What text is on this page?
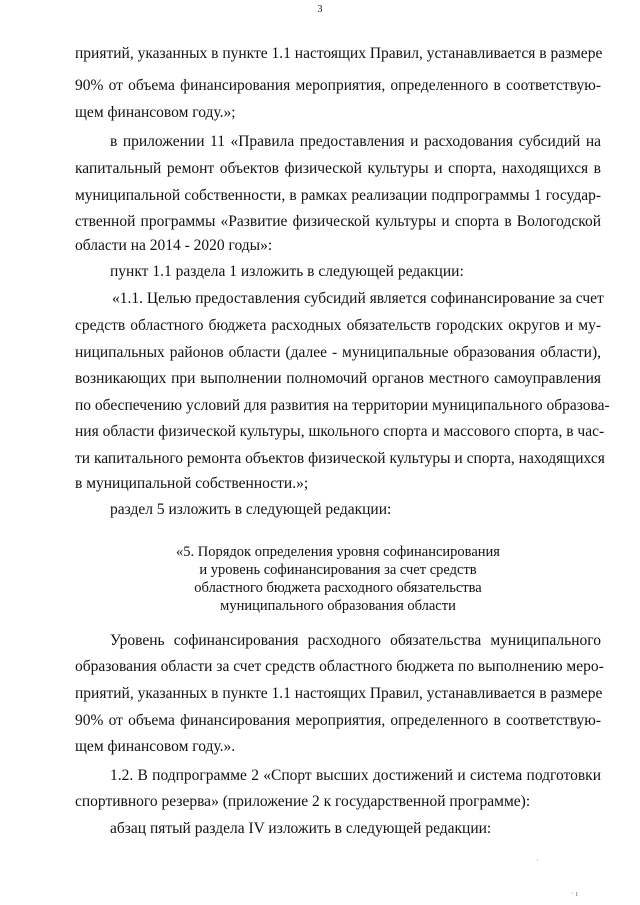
3
приятий, указанных в пункте 1.1 настоящих Правил, устанавливается в размере
90% от объема финансирования мероприятия, определенного в соответствую-
щем финансовом году.»;
в приложении 11 «Правила предоставления и расходования субсидий на
капитальный ремонт объектов физической культуры и спорта, находящихся в
муниципальной собственности, в рамках реализации подпрограммы 1 государ-
ственной программы «Развитие физической культуры и спорта в Вологодской
области на 2014 - 2020 годы»:
пункт 1.1 раздела 1 изложить в следующей редакции:
«1.1. Целью предоставления субсидий является софинансирование за счет
средств областного бюджета расходных обязательств городских округов и му-
ниципальных районов области (далее - муниципальные образования области),
возникающих при выполнении полномочий органов местного самоуправления
по обеспечению условий для развития на территории муниципального образова-
ния области физической культуры, школьного спорта и массового спорта, в час-
ти капитального ремонта объектов физической культуры и спорта, находящихся
в муниципальной собственности.»;
раздел 5 изложить в следующей редакции:
«5. Порядок определения уровня софинансирования
и уровень софинансирования за счет средств
областного бюджета расходного обязательства
муниципального образования области
Уровень софинансирования расходного обязательства муниципального
образования области за счет средств областного бюджета по выполнению меро-
приятий, указанных в пункте 1.1 настоящих Правил, устанавливается в размере
90% от объема финансирования мероприятия, определенного в соответствую-
щем финансовом году.».
1.2. В подпрограмме 2 «Спорт высших достижений и система подготовки
спортивного резерва» (приложение 2 к государственной программе):
абзац пятый раздела IV изложить в следующей редакции:
·
· ı
